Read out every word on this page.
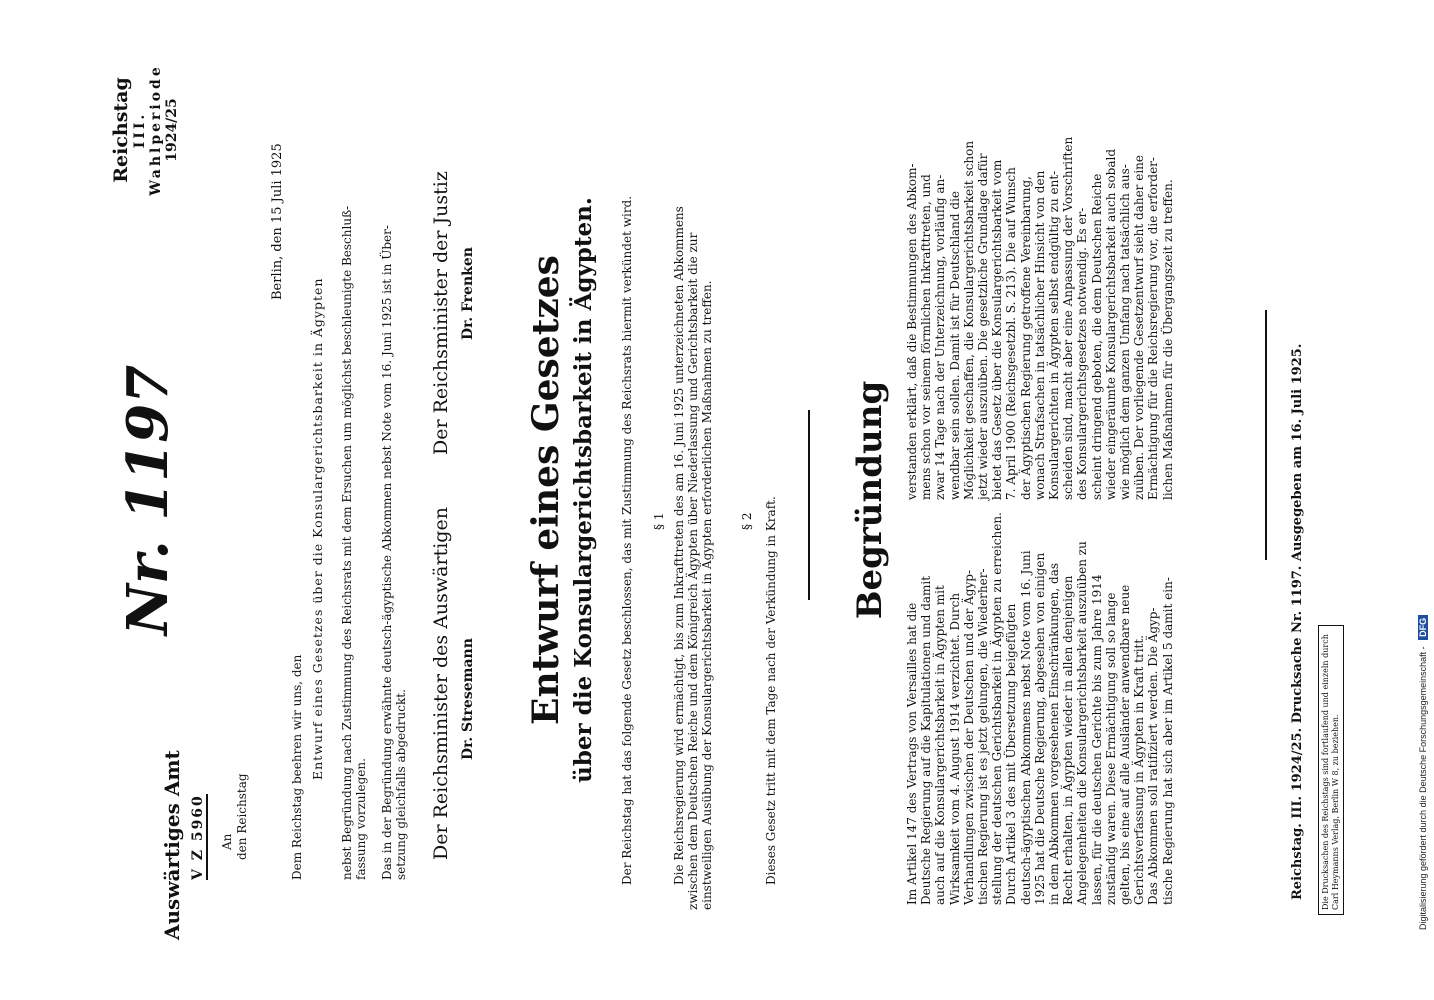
Digitalisierung gefördert durch die Deutsche Forschungsgemeinschaft - DFG
Reichstag III. Wahlperiode 1924/25
Nr. 1197
Auswärtiges Amt V Z 5960 An den Reichstag
Berlin, den 15 Juli 1925
Dem Reichstag beehren wir uns, den Entwurf eines Gesetzes über die Konsulargerichtsbarkeit in Ägypten nebst Begründung nach Zustimmung des Reichsrats mit dem Ersuchen um möglichst beschleunigte Beschluß- fassung vorzulegen. Das in der Begründung erwähnte deutsch-ägyptische Abkommen nebst Note vom 16. Juni 1925 ist in Über- setzung gleichfalls abgedruckt. Der Reichsminister des Auswärtigen Dr. Stresemann
Der Reichsminister der Justiz Dr. Frenken Entwurf eines Gesetzes über die Konsulargerichtsbarkeit in Ägypten. Der Reichstag hat das folgende Gesetz beschlossen, das mit Zustimmung des Reichsrats hiermit verkündet wird. § 1 Die Reichsregierung wird ermächtigt, bis zum Inkrafttreten des am 16. Juni 1925 unterzeichneten Abkommens zwischen dem Deutschen Reiche und dem Königreich Ägypten über Niederlassung und Gerichtsbarkeit die zur einstweiligen Ausübung der Konsulargerichtsbarkeit in Ägypten erforderlichen Maßnahmen zu treffen. § 2 Dieses Gesetz tritt mit dem Tage nach der Verkündung in Kraft. Begründung
Im Artikel 147 des Vertrags von Versailles hat die Deutsche Regierung auf die Kapitulationen und damit auch auf die Konsulargerichtsbarkeit in Ägypten mit Wirksamkeit vom 4. August 1914 verzichtet. Durch Verhandlungen zwischen der Deutschen und der Ägyp- tischen Regierung ist es jetzt gelungen, die Wiederher- stellung der deutschen Gerichtsbarkeit in Ägypten zu erreichen. Durch Artikel 3 des mit Übersetzung beigefügten deutsch-ägyptischen Abkommens nebst Note vom 16. Juni 1925 hat die Deutsche Regierung, abgesehen von einigen in dem Abkommen vorgesehenen Einschränkungen, das Recht erhalten, in Ägypten wieder in allen denjenigen Angelegenheiten die Konsulargerichtsbarkeit auszuüben zu lassen, für die deutschen Gerichte bis zum Jahre 1914 zuständig waren. Diese Ermächtigung soll so lange gelten, bis eine auf alle Ausländer anwendbare neue Gerichtsverfassung in Ägypten in Kraft tritt. Das Abkommen soll ratifiziert werden. Die Ägyp- tische Regierung hat sich aber im Artikel 5 damit ein-
verstanden erklärt, daß die Bestimmungen des Abkom- mens schon vor seinem förmlichen Inkrafttreten, und zwar 14 Tage nach der Unterzeichnung, vorläufig an- wendbar sein sollen. Damit ist für Deutschland die Möglichkeit geschaffen, die Konsulargerichtsbarkeit schon jetzt wieder auszuüben. Die gesetzliche Grundlage dafür bietet das Gesetz über die Konsulargerichtsbarkeit vom 7. April 1900 (Reichsgesetzbl. S. 213). Die auf Wunsch der Ägyptischen Regierung getroffene Vereinbarung, wonach Strafsachen in tatsächlicher Hinsicht von den Konsulargerichten in Ägypten selbst endgültig zu ent- scheiden sind, macht aber eine Anpassung der Vorschriften des Konsulargerichtsgesetzes notwendig. Es er- scheint dringend geboten, die dem Deutschen Reiche wieder eingeräumte Konsulargerichtsbarkeit auch sobald wie möglich dem ganzen Umfang nach tatsächlich aus- zuüben. Der vorliegende Gesetzentwurf sieht daher eine Ermächtigung für die Reichsregierung vor, die erforder- lichen Maßnahmen für die Übergangszeit zu treffen.
Reichstag. III. 1924/25. Drucksache Nr. 1197. Ausgegeben am 16. Juli 1925.	Die Drucksachen des Reichstags sind fortlaufend und einzeln durch Carl Heymanns Verlag, Berlin W 8, zu beziehen.
